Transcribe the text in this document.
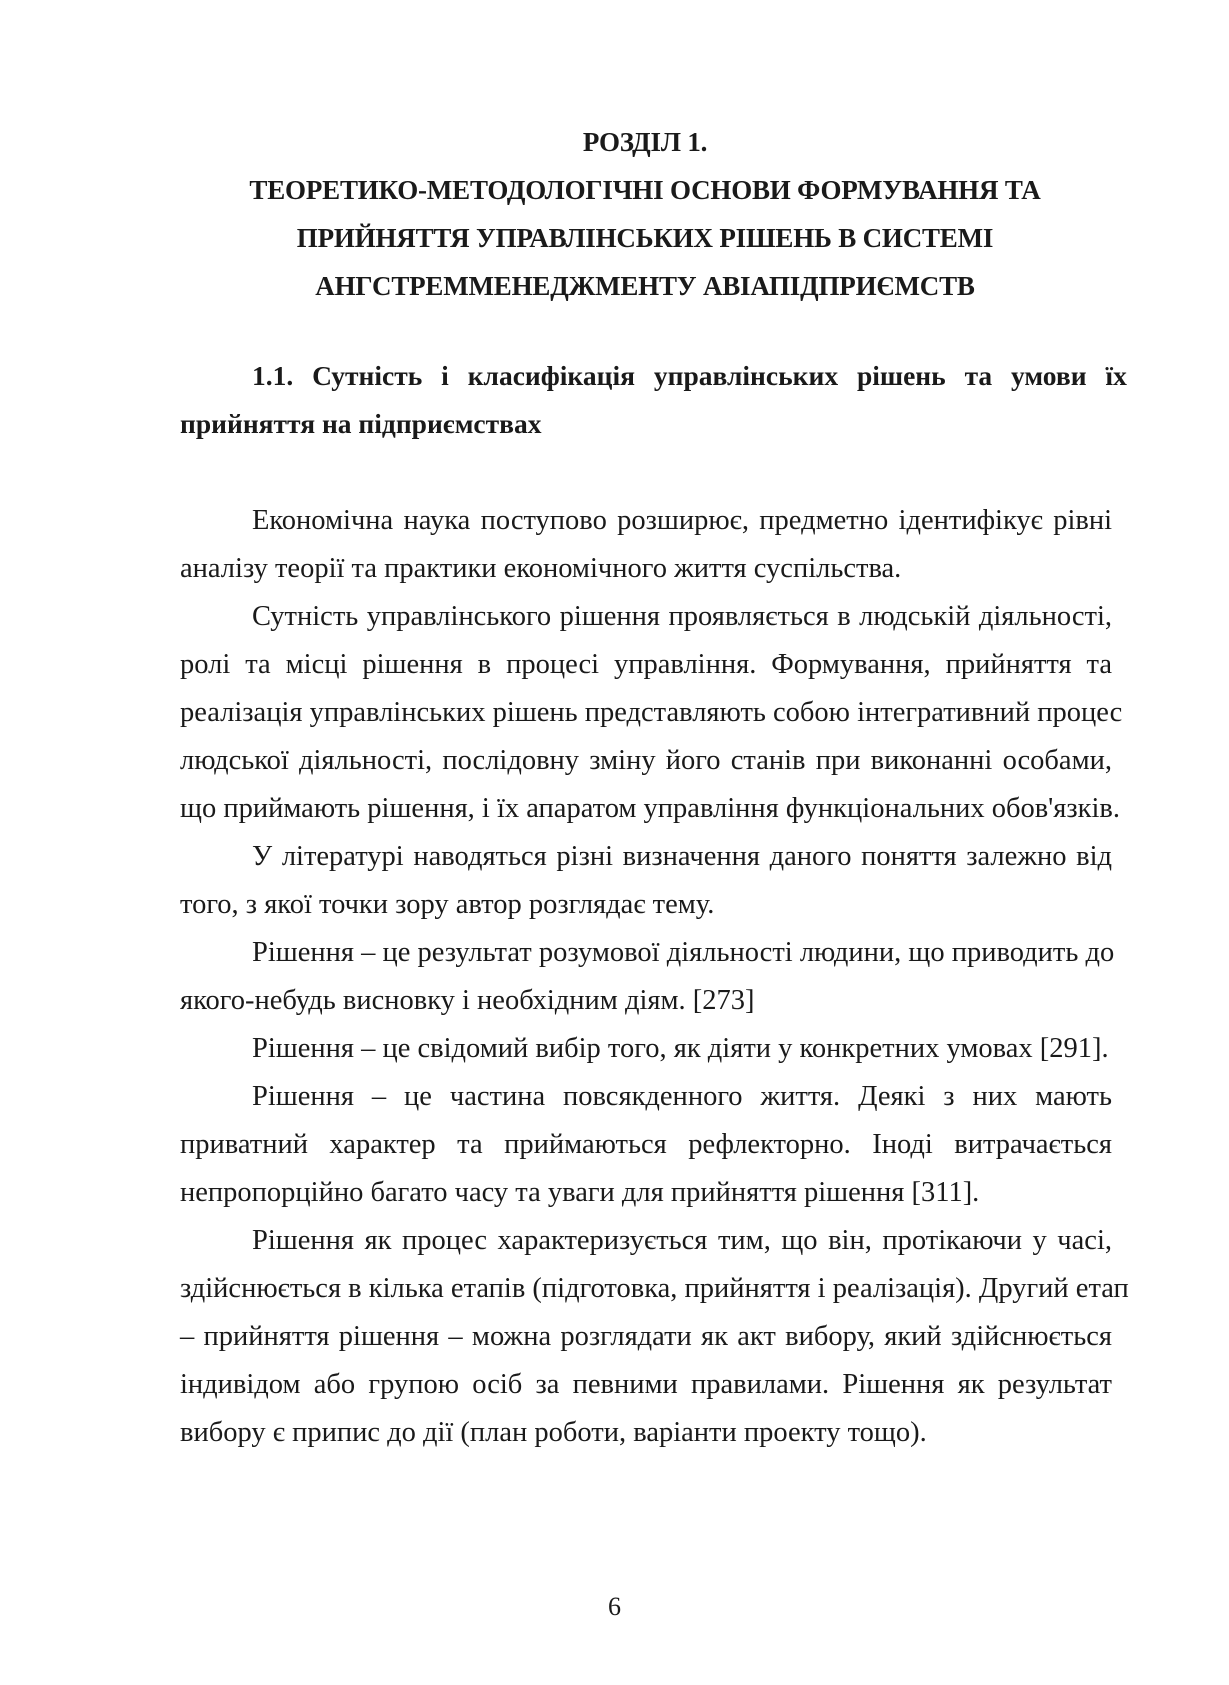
РОЗДІЛ 1.
ТЕОРЕТИКО-МЕТОДОЛОГІЧНІ ОСНОВИ ФОРМУВАННЯ ТА
ПРИЙНЯТТЯ УПРАВЛІНСЬКИХ РІШЕНЬ В СИСТЕМІ
АНГСТРЕММЕНЕДЖМЕНТУ АВІАПІДПРИЄМСТВ
1.1. Сутність і класифікація управлінських рішень та умови їх
прийняття на підприємствах
Економічна наука поступово розширює, предметно ідентифікує рівні
аналізу теорії та практики економічного життя суспільства.
Сутність управлінського рішення проявляється в людській діяльності,
ролі та місці рішення в процесі управління. Формування, прийняття та
реалізація управлінських рішень представляють собою інтегративний процес
людської діяльності, послідовну зміну його станів при виконанні особами,
що приймають рішення, і їх апаратом управління функціональних обов'язків.
У літературі наводяться різні визначення даного поняття залежно від
того, з якої точки зору автор розглядає тему.
Рішення – це результат розумової діяльності людини, що приводить до
якого-небудь висновку і необхідним діям. [273]
Рішення – це свідомий вибір того, як діяти у конкретних умовах [291].
Рішення – це частина повсякденного життя. Деякі з них мають
приватний характер та приймаються рефлекторно. Іноді витрачається
непропорційно багато часу та уваги для прийняття рішення [311].
Рішення як процес характеризується тим, що він, протікаючи у часі,
здійснюється в кілька етапів (підготовка, прийняття і реалізація). Другий етап
– прийняття рішення – можна розглядати як акт вибору, який здійснюється
індивідом або групою осіб за певними правилами. Рішення як результат
вибору є припис до дії (план роботи, варіанти проекту тощо).
6
